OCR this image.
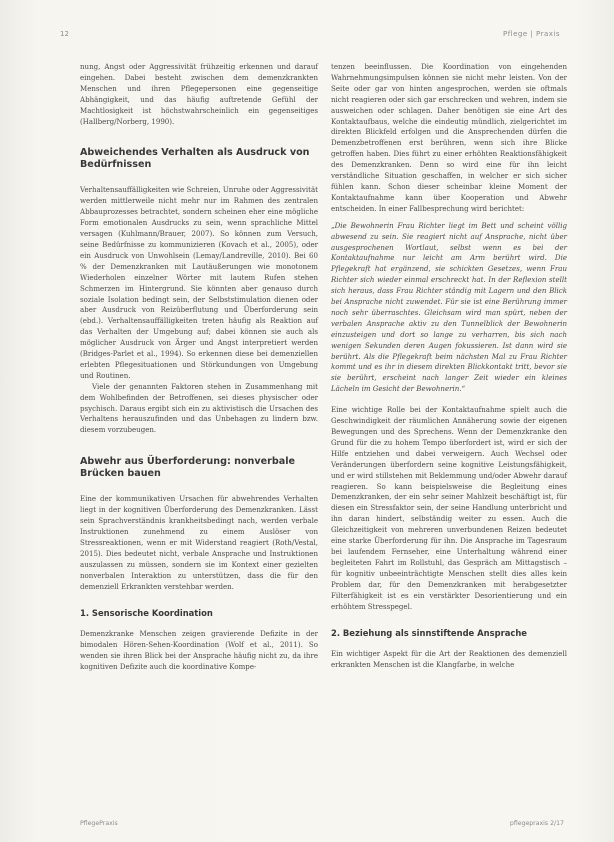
12	Pflege | Praxis

nung, Angst oder Aggressivität frühzeitig erkennen und darauf eingehen. Dabei besteht zwischen dem demenzkrankten Menschen und ihren Pflegepersonen eine gegenseitige Abhängigkeit, und das häufig auftretende Gefühl der Machtlosigkeit ist höchstwahrscheinlich ein gegenseitiges (Hallberg/Norberg, 1990).

Abweichendes Verhalten als Ausdruck von Bedürfnissen

Verhaltensauffälligkeiten wie Schreien, Unruhe oder Aggressivität werden mittlerweile nicht mehr nur im Rahmen des zentralen Abbauprozesses betrachtet, sondern scheinen eher eine mögliche Form emotionalen Ausdrucks zu sein, wenn sprachliche Mittel versagen (Kuhlmann/Brauer, 2007). So können zum Versuch, seine Bedürfnisse zu kommunizieren (Kovach et al., 2005), oder ein Ausdruck von Unwohlsein (Lemay/Landreville, 2010). Bei 60 % der Demenzkranken mit Lautäußerungen wie monotonem Wiederholen einzelner Wörter mit lautem Rufen stehen Schmerzen im Hintergrund. Sie könnten aber genauso durch soziale Isolation bedingt sein, der Selbststimulation dienen oder aber Ausdruck von Reizüberflutung und Überforderung sein (ebd.). Verhaltensauffälligkeiten treten häufig als Reaktion auf das Verhalten der Umgebung auf; dabei können sie auch als möglicher Ausdruck von Ärger und Angst interpretiert werden (Bridges-Parlet et al., 1994). So erkennen diese bei demenziellen erlebten Pflegesituationen und Störkundungen von Umgebung und Routinen.

Viele der genannten Faktoren stehen in Zusammenhang mit dem Wohlbefinden der Betroffenen, sei dieses physischer oder psychisch. Daraus ergibt sich ein zu aktivistisch die Ursachen des Verhaltens herauszufinden und das Unbehagen zu lindern bzw. diesem vorzubeugen.

Abwehr aus Überforderung: nonverbale Brücken bauen

Eine der kommunikativen Ursachen für abwehrendes Verhalten liegt in der kognitiven Überforderung des Demenzkranken. Lässt sein Sprachverständnis krankheitsbedingt nach, werden verbale Instruktionen zunehmend zu einem Auslöser von Stressreaktionen, wenn er mit Widerstand reagiert (Roth/Vestal, 2015). Dies bedeutet nicht, verbale Ansprache und Instruktionen auszulassen zu müssen, sondern sie im Kontext einer gezielten nonverbalen Interaktion zu unterstützen, dass die für den demenziell Erkrankten verstehbar werden.

1. Sensorische Koordination

Demenzkranke Menschen zeigen gravierende Defizite in der bimodalen Hören-Sehen-Koordination (Wolf et al., 2011). So wenden sie ihren Blick bei der Ansprache häufig nicht zu, da ihre kognitiven Defizite auch die koordinative Kompe-

tenzen beeinflussen. Die Koordination von eingehenden Wahrnehmungsimpulsen können sie nicht mehr leisten. Von der Seite oder gar von hinten angesprochen, werden sie oftmals nicht reagieren oder sich gar erschrecken und wehren, indem sie ausweichen oder schlagen. Daher benötigen sie eine Art des Kontaktaufbaus, welche die eindeutig mündlich, zielgerichtet im direkten Blickfeld erfolgen und die Ansprechenden dürfen die Demenzbetroffenen erst berühren, wenn sich ihre Blicke getroffen haben. Dies führt zu einer erhöhten Reaktionsfähigkeit des Demenzkranken. Denn so wird eine für ihn leicht verständliche Situation geschaffen, in welcher er sich sicher fühlen kann. Schon dieser scheinbar kleine Moment der Kontaktaufnahme kann über Kooperation und Abwehr entscheiden. In einer Fallbesprechung wird berichtet:

„Die Bewohnerin Frau Richter liegt im Bett und scheint völlig abwesend zu sein. Sie reagiert nicht auf Ansprache, nicht über ausgesprochenen Wortlaut, selbst wenn es bei der Kontaktaufnahme nur leicht am Arm berührt wird. Die Pflegekraft hat ergänzend, sie schickten Gesetzes, wenn Frau Richter sich wieder einmal erschreckt hat. In der Reflexion stellt sich heraus, dass Frau Richter ständig mit Lagern und den Blick bei Ansprache nicht zuwendet. Für sie ist eine Berührung immer noch sehr überraschtes. Gleichsam wird man spürt, neben der verbalen Ansprache aktiv zu den Tunnelblick der Bewohnerin einzusteigen und dort so lange zu verharren, bis sich nach wenigen Sekunden deren Augen fokussieren. Ist dann wird sie berührt. Als die Pflegekraft beim nächsten Mal zu Frau Richter kommt und es ihr in diesem direkten Blickkontakt tritt, bevor sie sie berührt, erscheint nach langer Zeit wieder ein kleines Lächeln im Gesicht der Bewohnerin.“

Eine wichtige Rolle bei der Kontaktaufnahme spielt auch die Geschwindigkeit der räumlichen Annäherung sowie der eigenen Bewegungen und des Sprechens. Wenn der Demenzkranke den Grund für die zu hohem Tempo überfordert ist, wird er sich der Hilfe entziehen und dabei verweigern. Auch Wechsel oder Veränderungen überfordern seine kognitive Leistungsfähigkeit, und er wird stillstehen mit Beklemmung und/oder Abwehr darauf reagieren. So kann beispielsweise die Begleitung eines Demenzkranken, der ein sehr seiner Mahlzeit beschäftigt ist, für diesen ein Stressfaktor sein, der seine Handlung unterbricht und ihn daran hindert, selbständig weiter zu essen. Auch die Gleichzeitigkeit von mehreren unverbundenen Reizen bedeutet eine starke Überforderung für ihn. Die Ansprache im Tagesraum bei laufendem Fernseher, eine Unterhaltung während einer begleiteten Fahrt im Rollstuhl, das Gespräch am Mittagstisch – für kognitiv unbeeinträchtigte Menschen stellt dies alles kein Problem dar, für den Demenzkranken mit herabgesetzter Filterfähigkeit ist es ein verstärkter Desorientierung und ein erhöhtem Stresspegel.

2. Beziehung als sinnstiftende Ansprache

Ein wichtiger Aspekt für die Art der Reaktionen des demenziell erkrankten Menschen ist die Klangfarbe, in welche

PflegePraxis	pflegepraxis 2/17
